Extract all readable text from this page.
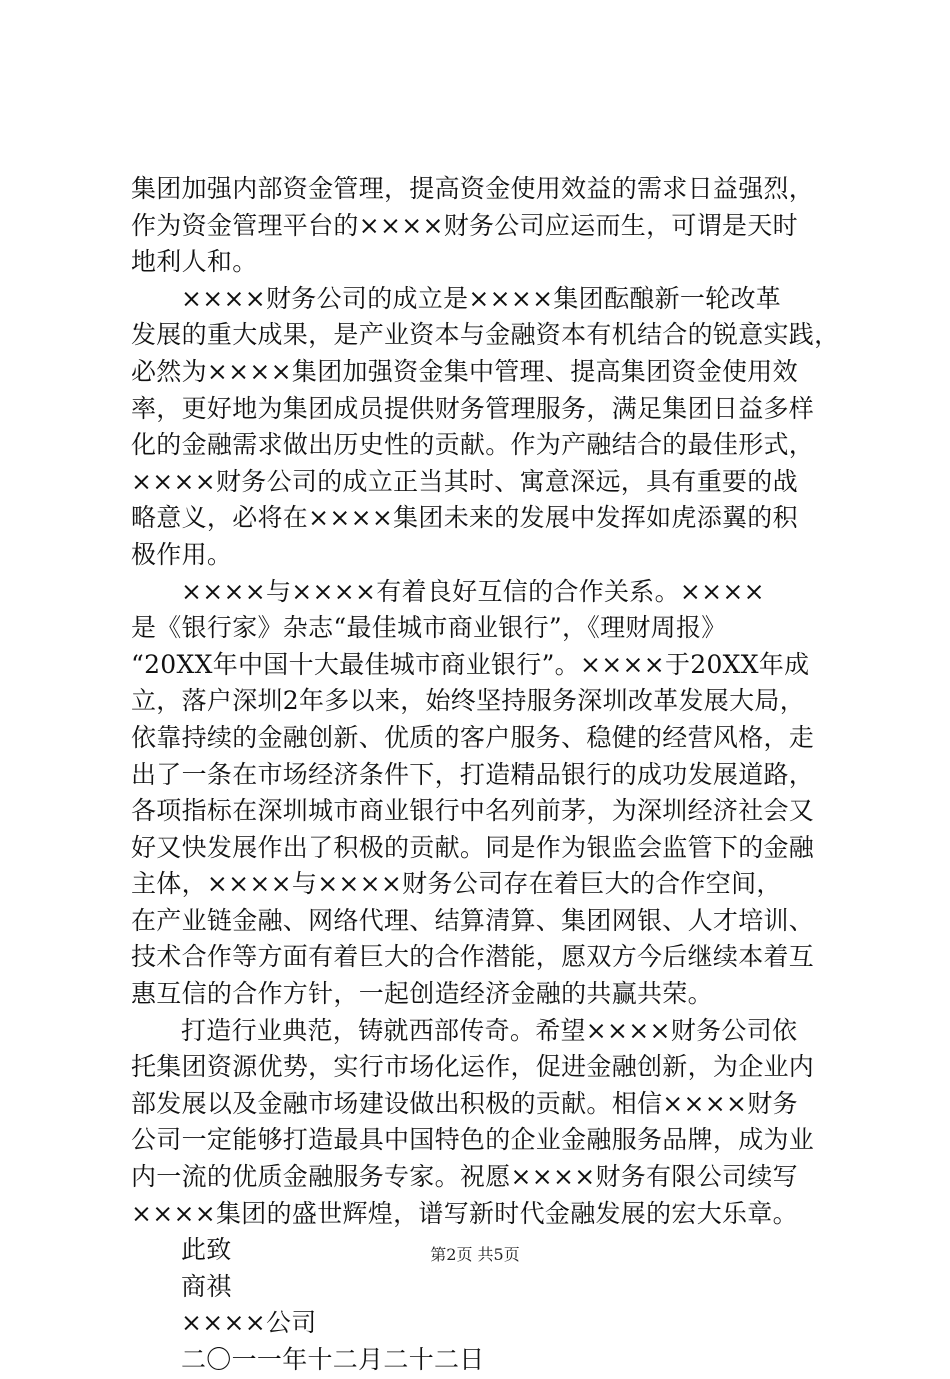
集团加强内部资金管理，提高资金使用效益的需求日益强烈，
作为资金管理平台的××××财务公司应运而生，可谓是天时
地利人和。
××××财务公司的成立是××××集团酝酿新一轮改革
发展的重大成果，是产业资本与金融资本有机结合的锐意实践，
必然为××××集团加强资金集中管理、提高集团资金使用效
率，更好地为集团成员提供财务管理服务，满足集团日益多样
化的金融需求做出历史性的贡献。作为产融结合的最佳形式，
××××财务公司的成立正当其时、寓意深远，具有重要的战
略意义，必将在××××集团未来的发展中发挥如虎添翼的积
极作用。
××××与××××有着良好互信的合作关系。××××
是《银行家》杂志“最佳城市商业银行”，《理财周报》
“20XX年中国十大最佳城市商业银行”。××××于20XX年成
立，落户深圳2年多以来，始终坚持服务深圳改革发展大局，
依靠持续的金融创新、优质的客户服务、稳健的经营风格，走
出了一条在市场经济条件下，打造精品银行的成功发展道路，
各项指标在深圳城市商业银行中名列前茅，为深圳经济社会又
好又快发展作出了积极的贡献。同是作为银监会监管下的金融
主体，××××与××××财务公司存在着巨大的合作空间，
在产业链金融、网络代理、结算清算、集团网银、人才培训、
技术合作等方面有着巨大的合作潜能，愿双方今后继续本着互
惠互信的合作方针，一起创造经济金融的共赢共荣。
打造行业典范，铸就西部传奇。希望××××财务公司依
托集团资源优势，实行市场化运作，促进金融创新，为企业内
部发展以及金融市场建设做出积极的贡献。相信××××财务
公司一定能够打造最具中国特色的企业金融服务品牌，成为业
内一流的优质金融服务专家。祝愿××××财务有限公司续写
××××集团的盛世辉煌，谱写新时代金融发展的宏大乐章。
此致
商祺
××××公司
二〇一一年十二月二十二日
第2页 共5页
